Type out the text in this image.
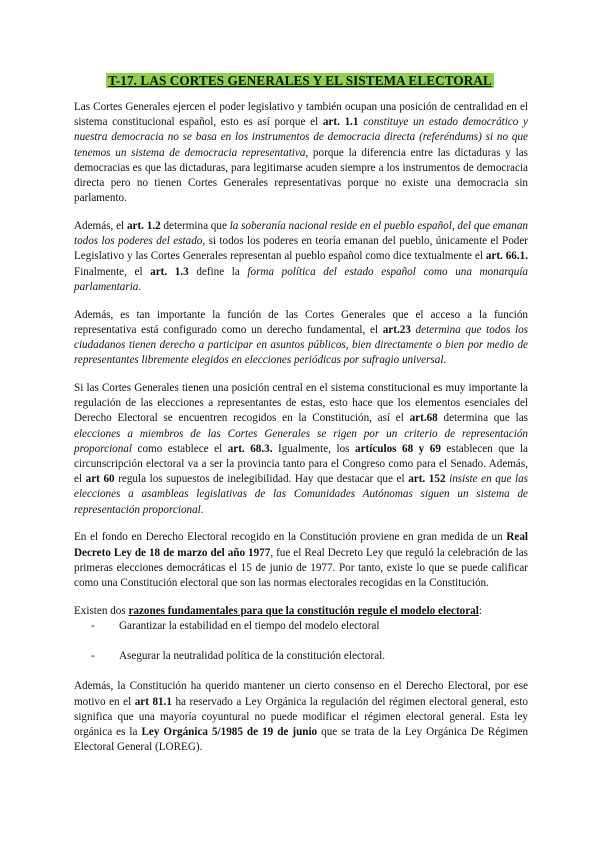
T-17. LAS CORTES GENERALES Y EL SISTEMA ELECTORAL

Las Cortes Generales ejercen el poder legislativo y también ocupan una posición de centralidad en el sistema constitucional español, esto es así porque el art. 1.1 constituye un estado democrático y nuestra democracia no se basa en los instrumentos de democracia directa (referéndums) si no que tenemos un sistema de democracia representativa, porque la diferencia entre las dictaduras y las democracias es que las dictaduras, para legitimarse acuden siempre a los instrumentos de democracia directa pero no tienen Cortes Generales representativas porque no existe una democracia sin parlamento.

Además, el art. 1.2 determina que la soberanía nacional reside en el pueblo español, del que emanan todos los poderes del estado, si todos los poderes en teoría emanan del pueblo, únicamente el Poder Legislativo y las Cortes Generales representan al pueblo español como dice textualmente el art. 66.1. Finalmente, el art. 1.3 define la forma política del estado español como una monarquía parlamentaria.

Además, es tan importante la función de las Cortes Generales que el acceso a la función representativa está configurado como un derecho fundamental, el art.23 determina que todos los ciudadanos tienen derecho a participar en asuntos públicos, bien directamente o bien por medio de representantes libremente elegidos en elecciones periódicas por sufragio universal.

Si las Cortes Generales tienen una posición central en el sistema constitucional es muy importante la regulación de las elecciones a representantes de estas, esto hace que los elementos esenciales del Derecho Electoral se encuentren recogidos en la Constitución, así el art.68 determina que las elecciones a miembros de las Cortes Generales se rigen por un criterio de representación proporcional como establece el art. 68.3. Igualmente, los artículos 68 y 69 establecen que la circunscripción electoral va a ser la provincia tanto para el Congreso como para el Senado. Además, el art 60 regula los supuestos de inelegibilidad. Hay que destacar que el art. 152 insiste en que las elecciones a asambleas legislativas de las Comunidades Autónomas siguen un sistema de representación proporcional.

En el fondo en Derecho Electoral recogido en la Constitución proviene en gran medida de un Real Decreto Ley de 18 de marzo del año 1977, fue el Real Decreto Ley que reguló la celebración de las primeras elecciones democráticas el 15 de junio de 1977. Por tanto, existe lo que se puede calificar como una Constitución electoral que son las normas electorales recogidas en la Constitución.

Existen dos razones fundamentales para que la constitución regule el modelo electoral:

- Garantizar la estabilidad en el tiempo del modelo electoral
- Asegurar la neutralidad política de la constitución electoral.

Además, la Constitución ha querido mantener un cierto consenso en el Derecho Electoral, por ese motivo en el art 81.1 ha reservado a Ley Orgánica la regulación del régimen electoral general, esto significa que una mayoría coyuntural no puede modificar el régimen electoral general. Esta ley orgánica es la Ley Orgánica 5/1985 de 19 de junio que se trata de la Ley Orgánica De Régimen Electoral General (LOREG).
